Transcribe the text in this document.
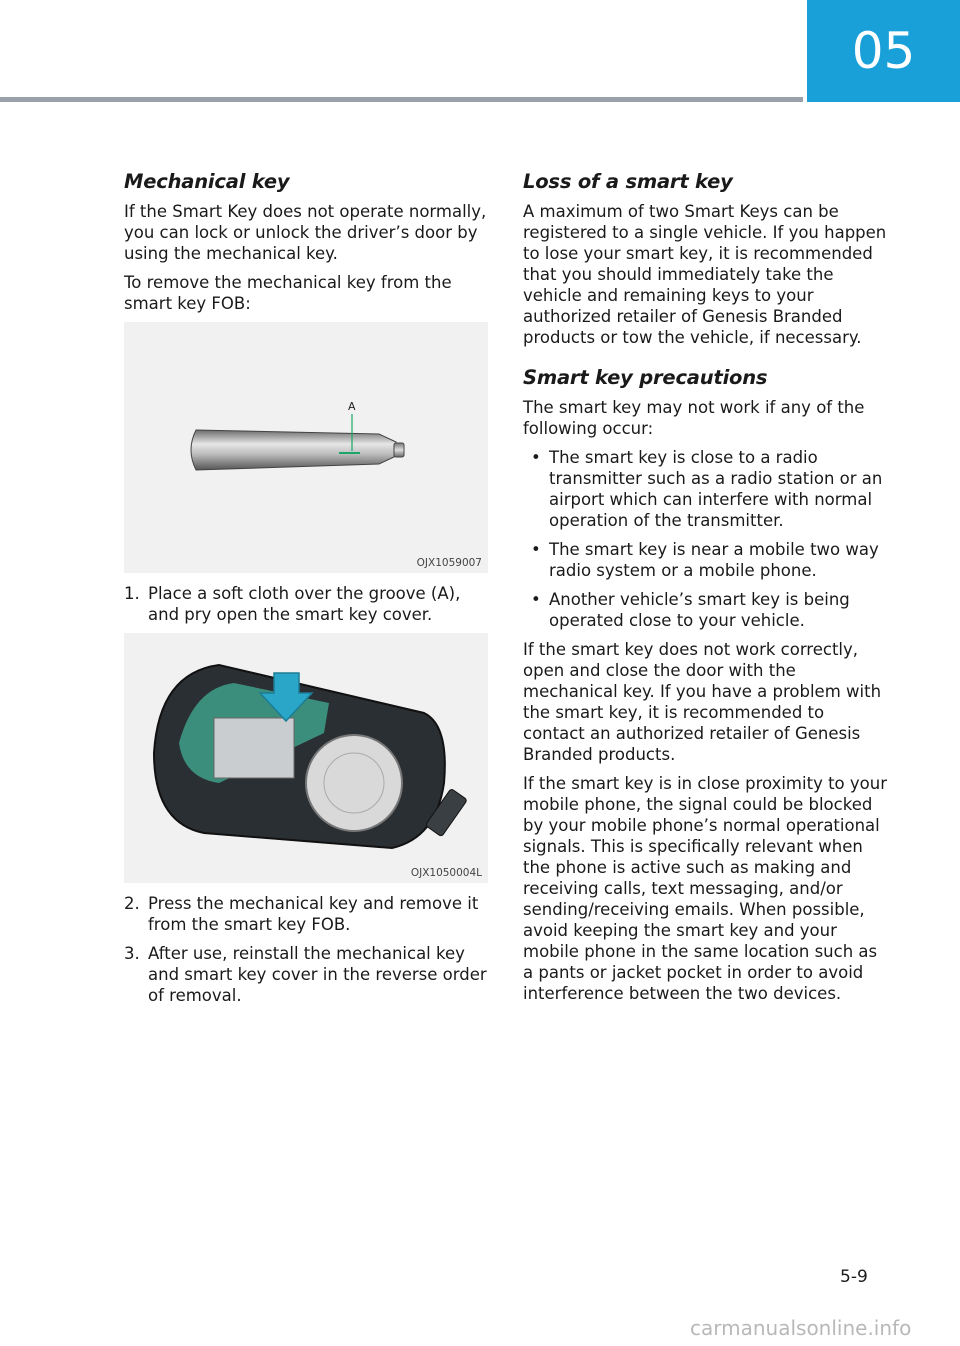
05
Mechanical key

If the Smart Key does not operate normally, you can lock or unlock the driver’s door by using the mechanical key.

To remove the mechanical key from the smart key FOB:

A
OJX1059007
1. Place a soft cloth over the groove (A), and pry open the smart key cover.
OJX1050004L
2. Press the mechanical key and remove it from the smart key FOB.
3. After use, reinstall the mechanical key and smart key cover in the reverse order of removal.
Loss of a smart key

A maximum of two Smart Keys can be registered to a single vehicle. If you happen to lose your smart key, it is recommended that you should immediately take the vehicle and remaining keys to your authorized retailer of Genesis Branded products or tow the vehicle, if necessary.

Smart key precautions

The smart key may not work if any of the following occur:

• The smart key is close to a radio transmitter such as a radio station or an airport which can interfere with normal operation of the transmitter.
• The smart key is near a mobile two way radio system or a mobile phone.
• Another vehicle’s smart key is being operated close to your vehicle.

If the smart key does not work correctly, open and close the door with the mechanical key. If you have a problem with the smart key, it is recommended to contact an authorized retailer of Genesis Branded products.

If the smart key is in close proximity to your mobile phone, the signal could be blocked by your mobile phone’s normal operational signals. This is specifically relevant when the phone is active such as making and receiving calls, text messaging, and/or sending/receiving emails. When possible, avoid keeping the smart key and your mobile phone in the same location such as a pants or jacket pocket in order to avoid interference between the two devices.

5-9
carmanualsonline.info
